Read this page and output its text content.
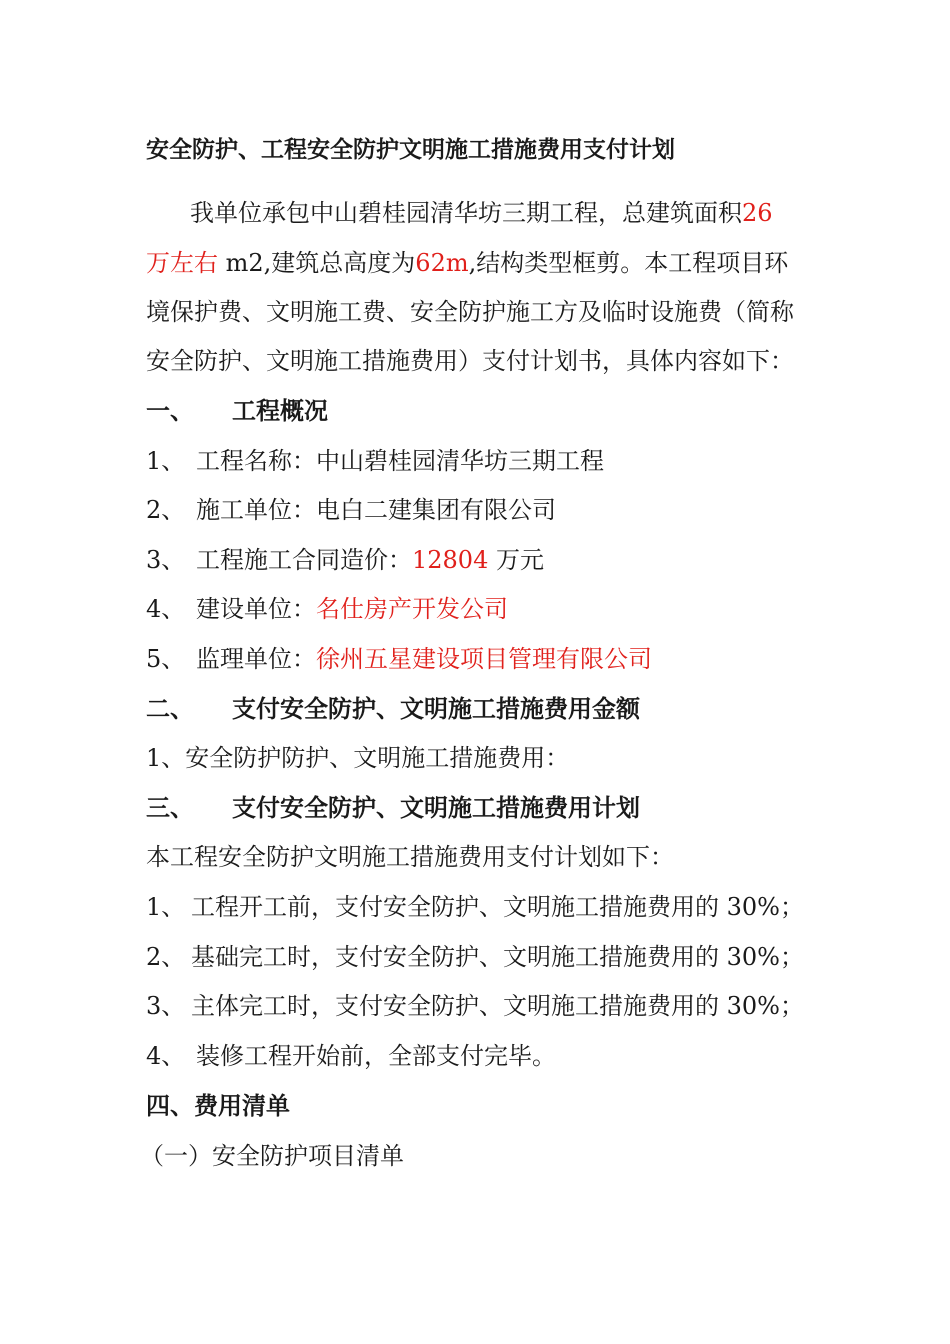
安全防护、工程安全防护文明施工措施费用支付计划
我单位承包中山碧桂园清华坊三期工程，总建筑面积26
万左右 m2,建筑总高度为62m,结构类型框剪。本工程项目环
境保护费、文明施工费、安全防护施工方及临时设施费（简称
安全防护、文明施工措施费用）支付计划书，具体内容如下：
一、 工程概况
1、 工程名称：中山碧桂园清华坊三期工程
2、 施工单位：电白二建集团有限公司
3、 工程施工合同造价：12804 万元
4、 建设单位：名仕房产开发公司
5、 监理单位：徐州五星建设项目管理有限公司
二、 支付安全防护、文明施工措施费用金额
1、安全防护防护、文明施工措施费用：
三、 支付安全防护、文明施工措施费用计划
本工程安全防护文明施工措施费用支付计划如下：
1、 工程开工前，支付安全防护、文明施工措施费用的 30%；
2、 基础完工时，支付安全防护、文明施工措施费用的 30%；
3、 主体完工时，支付安全防护、文明施工措施费用的 30%；
4、 装修工程开始前，全部支付完毕。
四、费用清单
（一）安全防护项目清单
